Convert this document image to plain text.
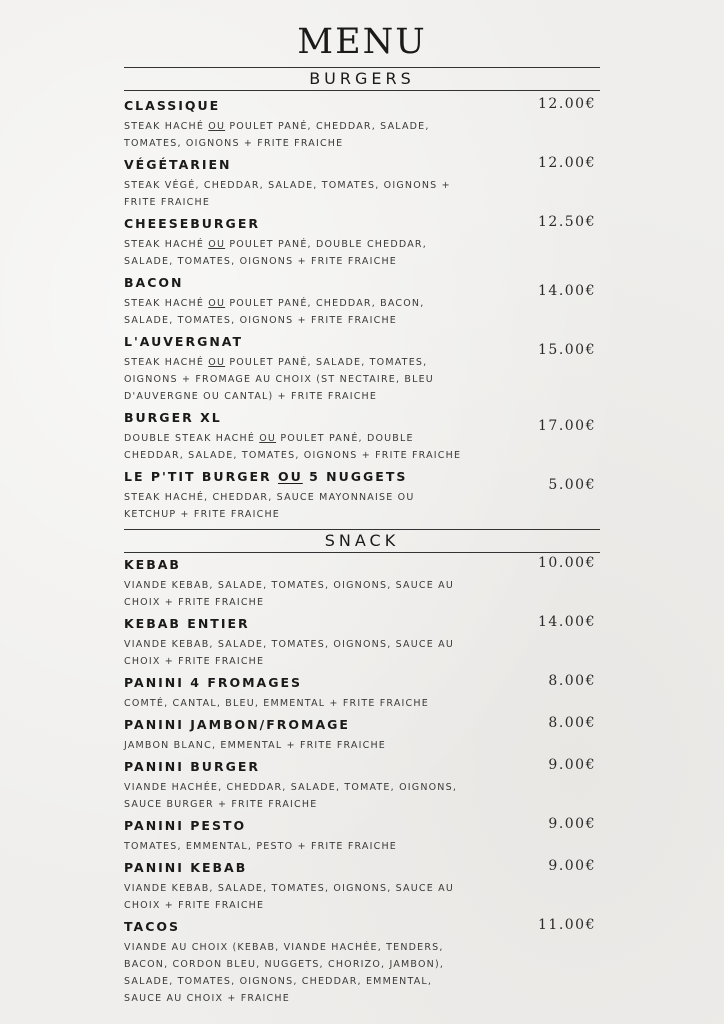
MENU
BURGERS
CLASSIQUE
STEAK HACHÉ OU POULET PANÉ, CHEDDAR, SALADE, TOMATES, OIGNONS + FRITE FRAICHE
12.00€
VÉGÉTARIEN
STEAK VÉGÉ, CHEDDAR, SALADE, TOMATES, OIGNONS + FRITE FRAICHE
12.00€
CHEESEBURGER
STEAK HACHÉ OU POULET PANÉ, DOUBLE CHEDDAR, SALADE, TOMATES, OIGNONS + FRITE FRAICHE
12.50€
BACON
STEAK HACHÉ OU POULET PANÉ, CHEDDAR, BACON, SALADE, TOMATES, OIGNONS + FRITE FRAICHE
14.00€
L'AUVERGNAT
STEAK HACHÉ OU POULET PANÉ, SALADE, TOMATES, OIGNONS + FROMAGE AU CHOIX (ST NECTAIRE, BLEU D'AUVERGNE OU CANTAL) + FRITE FRAICHE
15.00€
BURGER XL
DOUBLE STEAK HACHÉ OU POULET PANÉ, DOUBLE CHEDDAR, SALADE, TOMATES, OIGNONS + FRITE FRAICHE
17.00€
LE P'TIT BURGER OU 5 NUGGETS
STEAK HACHÉ, CHEDDAR, SAUCE MAYONNAISE OU KETCHUP + FRITE FRAICHE
5.00€
SNACK
KEBAB
VIANDE KEBAB, SALADE, TOMATES, OIGNONS, SAUCE AU CHOIX + FRITE FRAICHE
10.00€
KEBAB ENTIER
VIANDE KEBAB, SALADE, TOMATES, OIGNONS, SAUCE AU CHOIX + FRITE FRAICHE
14.00€
PANINI 4 FROMAGES
COMTÉ, CANTAL, BLEU, EMMENTAL + FRITE FRAICHE
8.00€
PANINI JAMBON/FROMAGE
JAMBON BLANC, EMMENTAL + FRITE FRAICHE
8.00€
PANINI BURGER
VIANDE HACHÉE, CHEDDAR, SALADE, TOMATE, OIGNONS, SAUCE BURGER + FRITE FRAICHE
9.00€
PANINI PESTO
TOMATES, EMMENTAL, PESTO + FRITE FRAICHE
9.00€
PANINI KEBAB
VIANDE KEBAB, SALADE, TOMATES, OIGNONS, SAUCE AU CHOIX + FRITE FRAICHE
9.00€
TACOS
VIANDE AU CHOIX (KEBAB, VIANDE HACHÉE, TENDERS, BACON, CORDON BLEU, NUGGETS, CHORIZO, JAMBON), SALADE, TOMATES, OIGNONS, CHEDDAR, EMMENTAL, SAUCE AU CHOIX + FRAICHE
11.00€
